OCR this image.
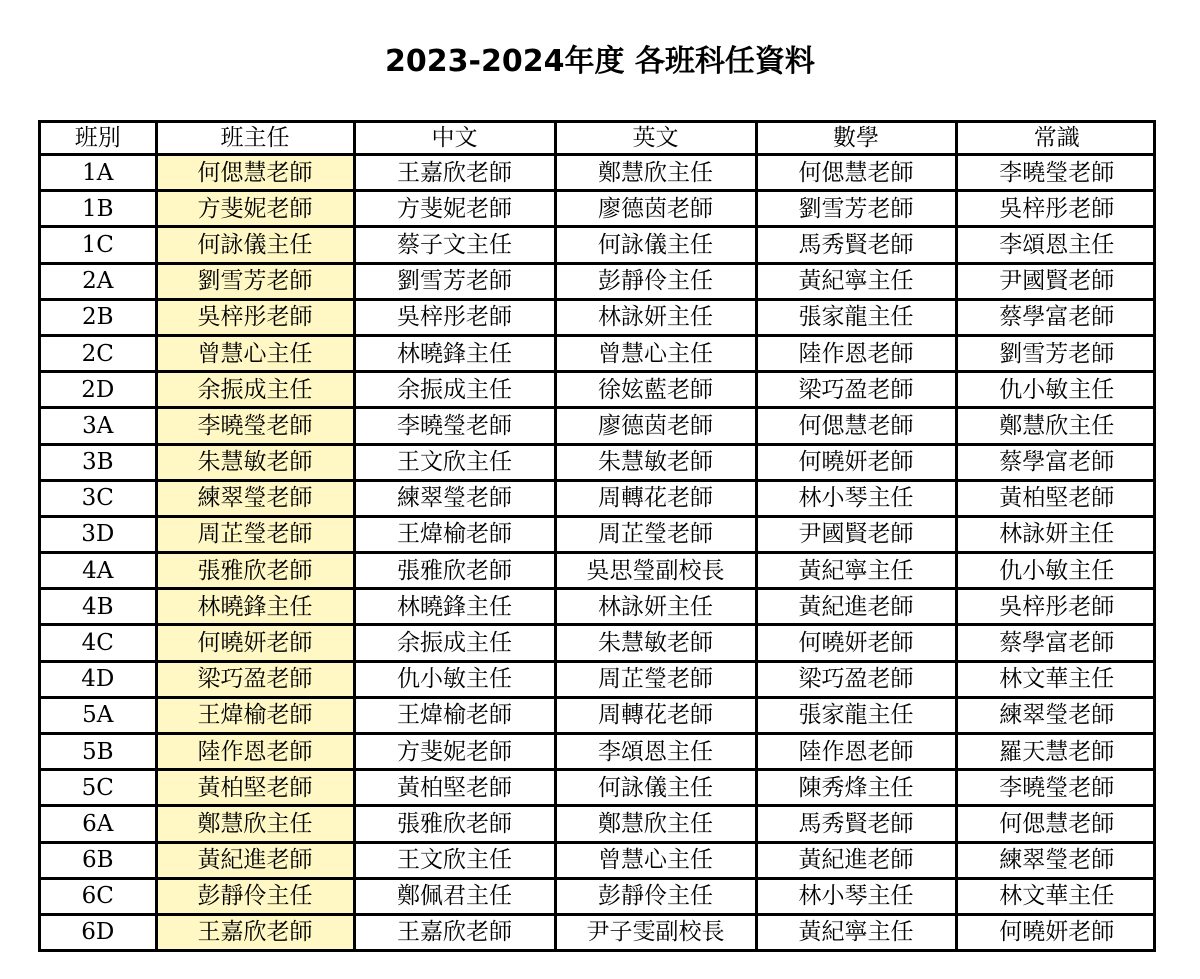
2023-2024年度 各班科任資料
班別	班主任	中文	英文	數學	常識
1A	何偲慧老師	王嘉欣老師	鄭慧欣主任	何偲慧老師	李曉瑩老師
1B	方斐妮老師	方斐妮老師	廖德茵老師	劉雪芳老師	吳梓彤老師
1C	何詠儀主任	蔡子文主任	何詠儀主任	馬秀賢老師	李頌恩主任
2A	劉雪芳老師	劉雪芳老師	彭靜伶主任	黃紀寧主任	尹國賢老師
2B	吳梓彤老師	吳梓彤老師	林詠妍主任	張家龍主任	蔡學富老師
2C	曾慧心主任	林曉鋒主任	曾慧心主任	陸作恩老師	劉雪芳老師
2D	余振成主任	余振成主任	徐妶藍老師	梁巧盈老師	仇小敏主任
3A	李曉瑩老師	李曉瑩老師	廖德茵老師	何偲慧老師	鄭慧欣主任
3B	朱慧敏老師	王文欣主任	朱慧敏老師	何曉妍老師	蔡學富老師
3C	練翠瑩老師	練翠瑩老師	周轉花老師	林小琴主任	黃柏堅老師
3D	周芷瑩老師	王煒榆老師	周芷瑩老師	尹國賢老師	林詠妍主任
4A	張雅欣老師	張雅欣老師	吳思瑩副校長	黃紀寧主任	仇小敏主任
4B	林曉鋒主任	林曉鋒主任	林詠妍主任	黃紀進老師	吳梓彤老師
4C	何曉妍老師	余振成主任	朱慧敏老師	何曉妍老師	蔡學富老師
4D	梁巧盈老師	仇小敏主任	周芷瑩老師	梁巧盈老師	林文華主任
5A	王煒榆老師	王煒榆老師	周轉花老師	張家龍主任	練翠瑩老師
5B	陸作恩老師	方斐妮老師	李頌恩主任	陸作恩老師	羅天慧老師
5C	黃柏堅老師	黃柏堅老師	何詠儀主任	陳秀烽主任	李曉瑩老師
6A	鄭慧欣主任	張雅欣老師	鄭慧欣主任	馬秀賢老師	何偲慧老師
6B	黃紀進老師	王文欣主任	曾慧心主任	黃紀進老師	練翠瑩老師
6C	彭靜伶主任	鄭佩君主任	彭靜伶主任	林小琴主任	林文華主任
6D	王嘉欣老師	王嘉欣老師	尹子雯副校長	黃紀寧主任	何曉妍老師
